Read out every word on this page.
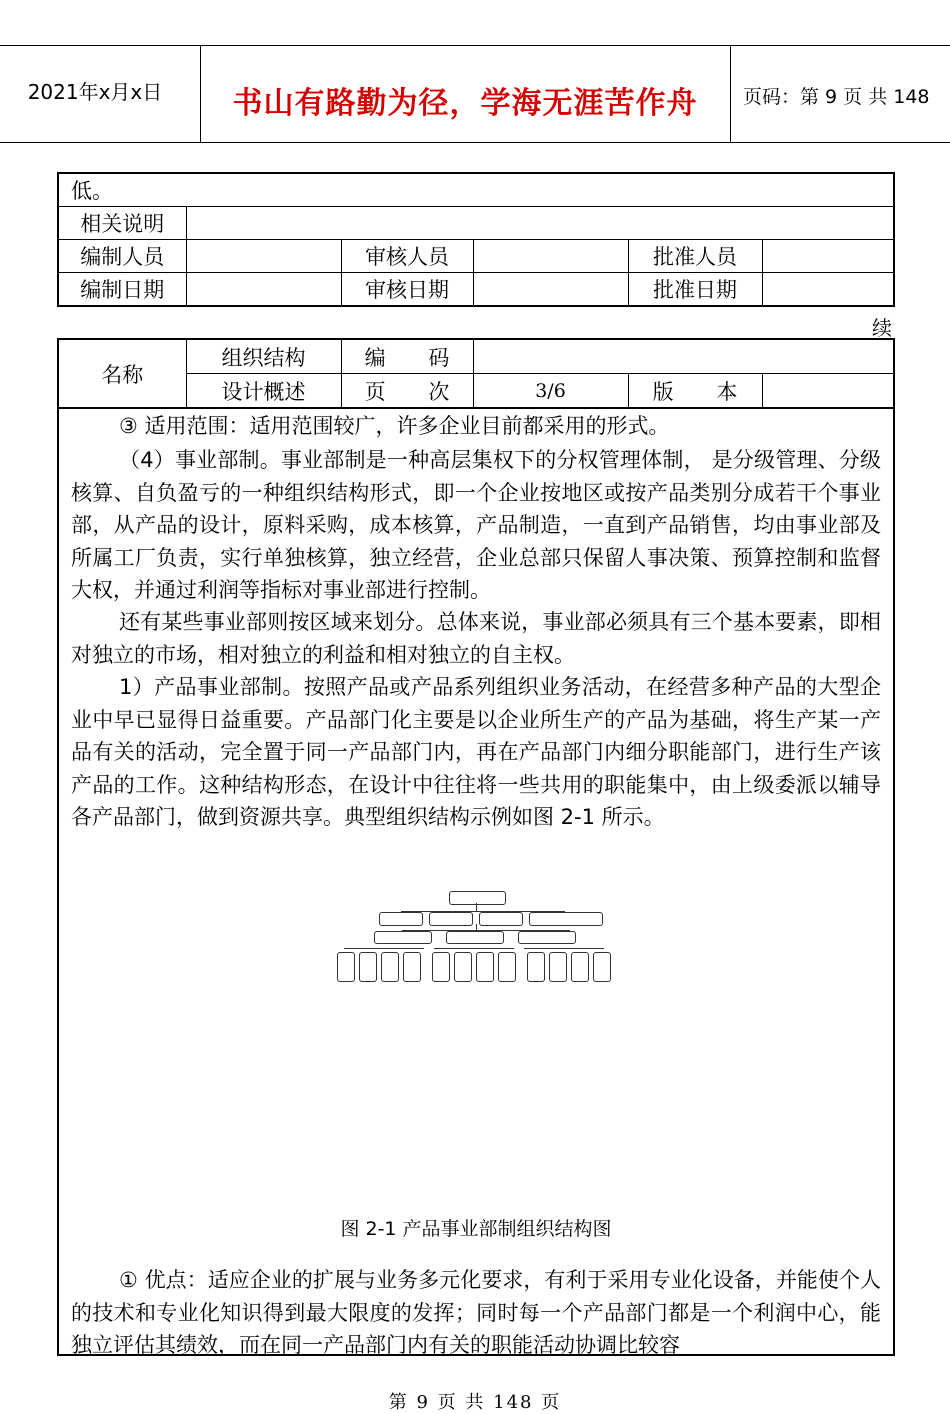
2021年x月x日	书山有路勤为径，学海无涯苦作舟	页码：第 9 页 共 148
低。					
相关说明					
编制人员		审核人员		批准人员	
编制日期		审核日期		批准日期	
续
名称	组织结构	编 码			
	设计概述	页 次	3/6	版 本	
③ 适用范围：适用范围较广，许多企业目前都采用的形式。
（4）事业部制。事业部制是一种高层集权下的分权管理体制， 是分级管理、分级核算、自负盈亏的一种组织结构形式，即一个企业按地区或按产品类别分成若干个事业部，从产品的设计，原料采购，成本核算，产品制造，一直到产品销售，均由事业部及所属工厂负责，实行单独核算，独立经营，企业总部只保留人事决策、预算控制和监督大权，并通过利润等指标对事业部进行控制。
还有某些事业部则按区域来划分。总体来说，事业部必须具有三个基本要素，即相对独立的市场，相对独立的利益和相对独立的自主权。
1）产品事业部制。按照产品或产品系列组织业务活动，在经营多种产品的大型企业中早已显得日益重要。产品部门化主要是以企业所生产的产品为基础，将生产某一产品有关的活动，完全置于同一产品部门内，再在产品部门内细分职能部门，进行生产该产品的工作。这种结构形态，在设计中往往将一些共用的职能集中，由上级委派以辅导各产品部门，做到资源共享。典型组织结构示例如图 2-1 所示。
图 2-1 产品事业部制组织结构图
① 优点：适应企业的扩展与业务多元化要求，有利于采用专业化设备，并能使个人的技术和专业化知识得到最大限度的发挥；同时每一个产品部门都是一个利润中心，能独立评估其绩效，而在同一产品部门内有关的职能活动协调比较容
第 9 页 共 148 页
